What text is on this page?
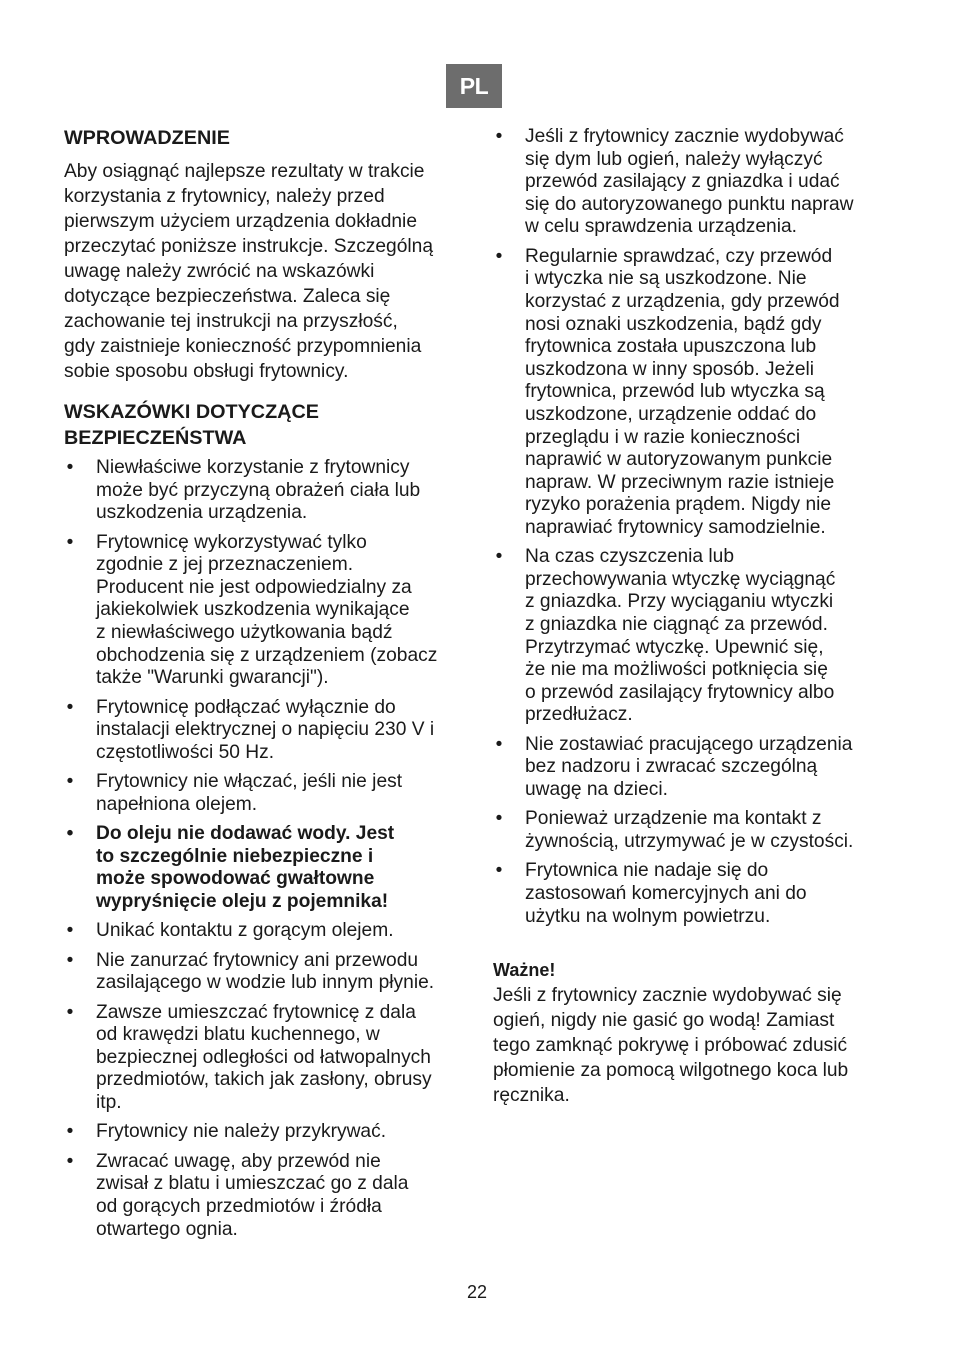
PL
WPROWADZENIE
Aby osiągnąć najlepsze rezultaty w trakcie
korzystania z frytownicy, należy przed
pierwszym użyciem urządzenia dokładnie
przeczytać poniższe instrukcje. Szczególną
uwagę należy zwrócić na wskazówki
dotyczące bezpieczeństwa. Zaleca się
zachowanie tej instrukcji na przyszłość,
gdy zaistnieje konieczność przypomnienia
sobie sposobu obsługi frytownicy.
WSKAZÓWKI DOTYCZĄCE
BEZPIECZEŃSTWA
• Niewłaściwe korzystanie z frytownicy
może być przyczyną obrażeń ciała lub
uszkodzenia urządzenia.
• Frytownicę wykorzystywać tylko
zgodnie z jej przeznaczeniem.
Producent nie jest odpowiedzialny za
jakiekolwiek uszkodzenia wynikające
z niewłaściwego użytkowania bądź
obchodzenia się z urządzeniem (zobacz
także "Warunki gwarancji").
• Frytownicę podłączać wyłącznie do
instalacji elektrycznej o napięciu 230 V i
częstotliwości 50 Hz.
• Frytownicy nie włączać, jeśli nie jest
napełniona olejem.
• Do oleju nie dodawać wody. Jest
to szczególnie niebezpieczne i
może spowodować gwałtowne
wypryśnięcie oleju z pojemnika!
• Unikać kontaktu z gorącym olejem.
• Nie zanurzać frytownicy ani przewodu
zasilającego w wodzie lub innym płynie.
• Zawsze umieszczać frytownicę z dala
od krawędzi blatu kuchennego, w
bezpiecznej odległości od łatwopalnych
przedmiotów, takich jak zasłony, obrusy
itp.
• Frytownicy nie należy przykrywać.
• Zwracać uwagę, aby przewód nie
zwisał z blatu i umieszczać go z dala
od gorących przedmiotów i źródła
otwartego ognia.
• Jeśli z frytownicy zacznie wydobywać
się dym lub ogień, należy wyłączyć
przewód zasilający z gniazdka i udać
się do autoryzowanego punktu napraw
w celu sprawdzenia urządzenia.
• Regularnie sprawdzać, czy przewód
i wtyczka nie są uszkodzone. Nie
korzystać z urządzenia, gdy przewód
nosi oznaki uszkodzenia, bądź gdy
frytownica została upuszczona lub
uszkodzona w inny sposób. Jeżeli
frytownica, przewód lub wtyczka są
uszkodzone, urządzenie oddać do
przeglądu i w razie konieczności
naprawić w autoryzowanym punkcie
napraw. W przeciwnym razie istnieje
ryzyko porażenia prądem. Nigdy nie
naprawiać frytownicy samodzielnie.
• Na czas czyszczenia lub
przechowywania wtyczkę wyciągnąć
z gniazdka. Przy wyciąganiu wtyczki
z gniazdka nie ciągnąć za przewód.
Przytrzymać wtyczkę. Upewnić się,
że nie ma możliwości potknięcia się
o przewód zasilający frytownicy albo
przedłużacz.
• Nie zostawiać pracującego urządzenia
bez nadzoru i zwracać szczególną
uwagę na dzieci.
• Ponieważ urządzenie ma kontakt z
żywnością, utrzymywać je w czystości.
• Frytownica nie nadaje się do
zastosowań komercyjnych ani do
użytku na wolnym powietrzu.
Ważne!
Jeśli z frytownicy zacznie wydobywać się
ogień, nigdy nie gasić go wodą! Zamiast
tego zamknąć pokrywę i próbować zdusić
płomienie za pomocą wilgotnego koca lub
ręcznika.
22
